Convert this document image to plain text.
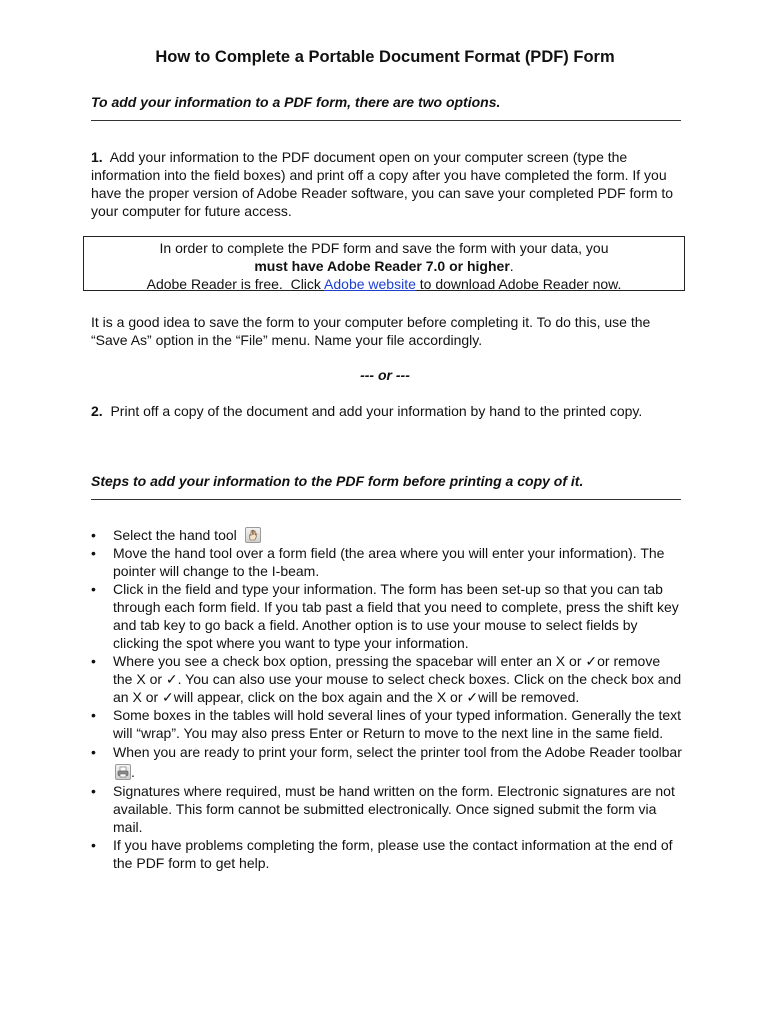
How to Complete a Portable Document Format (PDF) Form
To add your information to a PDF form, there are two options.

1. Add your information to the PDF document open on your computer screen (type the information into the field boxes) and print off a copy after you have completed the form. If you have the proper version of Adobe Reader software, you can save your completed PDF form to your computer for future access.

In order to complete the PDF form and save the form with your data, you
must have Adobe Reader 7.0 or higher.
Adobe Reader is free.  Click Adobe website to download Adobe Reader now.

It is a good idea to save the form to your computer before completing it. To do this, use the “Save As” option in the “File” menu. Name your file accordingly.

--- or ---

2. Print off a copy of the document and add your information by hand to the printed copy.

Steps to add your information to the PDF form before printing a copy of it.
•	Select the hand tool
•	Move the hand tool over a form field (the area where you will enter your information). The pointer will change to the I-beam.
•	Click in the field and type your information. The form has been set-up so that you can tab through each form field. If you tab past a field that you need to complete, press the shift key and tab key to go back a field. Another option is to use your mouse to select fields by clicking the spot where you want to type your information.
•	Where you see a check box option, pressing the spacebar will enter an X or ✓or remove the X or ✓. You can also use your mouse to select check boxes. Click on the check box and an X or ✓will appear, click on the box again and the X or ✓will be removed.
•	Some boxes in the tables will hold several lines of your typed information. Generally the text will “wrap”. You may also press Enter or Return to move to the next line in the same field.
•	When you are ready to print your form, select the printer tool from the Adobe Reader toolbar
.
•	Signatures where required, must be hand written on the form. Electronic signatures are not available. This form cannot be submitted electronically. Once signed submit the form via mail.
•	If you have problems completing the form, please use the contact information at the end of the PDF form to get help.
